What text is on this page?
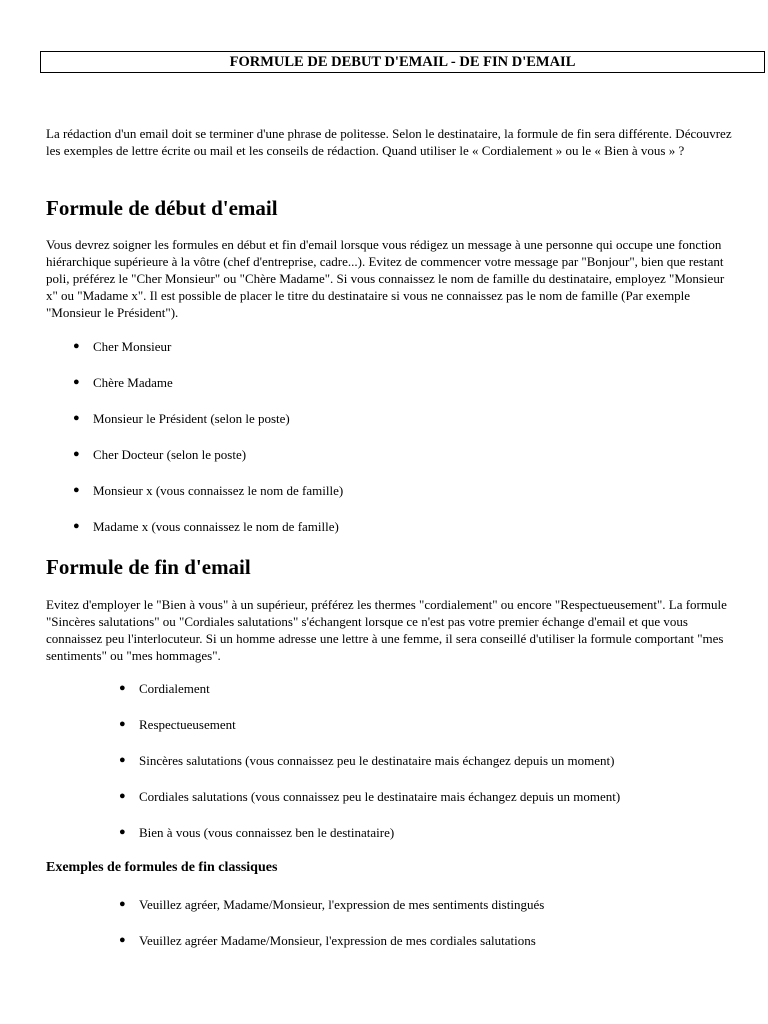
FORMULE DE DEBUT D'EMAIL - DE FIN D'EMAIL

La rédaction d'un email doit se terminer d'une phrase de politesse. Selon le destinataire, la formule de fin sera différente. Découvrez les exemples de lettre écrite ou mail et les conseils de rédaction. Quand utiliser le « Cordialement » ou le « Bien à vous » ?

Formule de début d'email

Vous devrez soigner les formules en début et fin d'email lorsque vous rédigez un message à une personne qui occupe une fonction hiérarchique supérieure à la vôtre (chef d'entreprise, cadre...). Evitez de commencer votre message par "Bonjour", bien que restant poli, préférez le "Cher Monsieur" ou "Chère Madame". Si vous connaissez le nom de famille du destinataire, employez "Monsieur x" ou "Madame x". Il est possible de placer le titre du destinataire si vous ne connaissez pas le nom de famille (Par exemple "Monsieur le Président").

● Cher Monsieur
● Chère Madame
● Monsieur le Président (selon le poste)
● Cher Docteur (selon le poste)
● Monsieur x (vous connaissez le nom de famille)
● Madame x (vous connaissez le nom de famille)
Formule de fin d'email

Evitez d'employer le "Bien à vous" à un supérieur, préférez les thermes "cordialement" ou encore "Respectueusement". La formule "Sincères salutations" ou "Cordiales salutations" s'échangent lorsque ce n'est pas votre premier échange d'email et que vous connaissez peu l'interlocuteur. Si un homme adresse une lettre à une femme, il sera conseillé d'utiliser la formule comportant "mes sentiments" ou "mes hommages".

● Cordialement
● Respectueusement
● Sincères salutations (vous connaissez peu le destinataire mais échangez depuis un moment)
● Cordiales salutations (vous connaissez peu le destinataire mais échangez depuis un moment)
● Bien à vous (vous connaissez ben le destinataire)
Exemples de formules de fin classiques
● Veuillez agréer, Madame/Monsieur, l'expression de mes sentiments distingués
● Veuillez agréer Madame/Monsieur, l'expression de mes cordiales salutations
